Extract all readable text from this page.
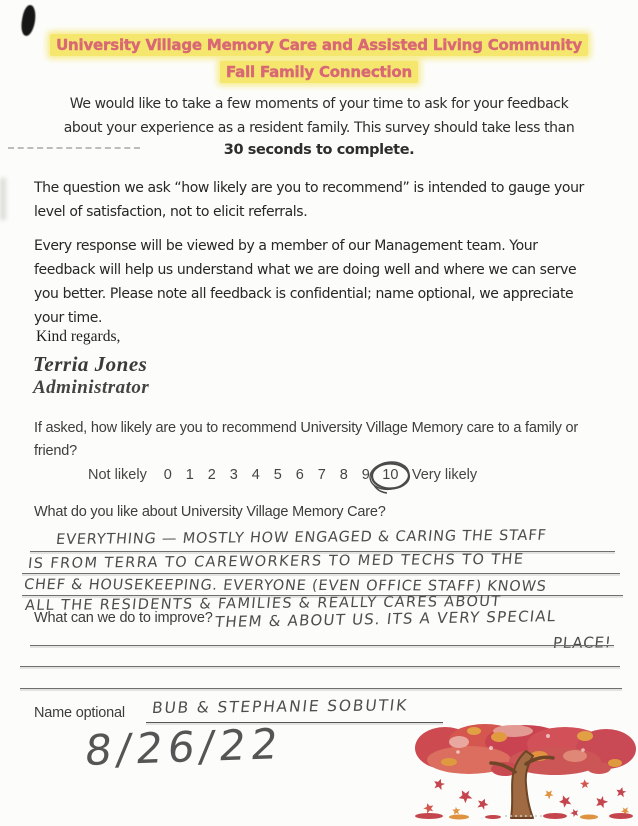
University Village Memory Care and Assisted Living Community
Fall Family Connection
We would like to take a few moments of your time to ask for your feedback
about your experience as a resident family. This survey should take less than
30 seconds to complete.
The question we ask “how likely are you to recommend” is intended to gauge your
level of satisfaction, not to elicit referrals.
Every response will be viewed by a member of our Management team. Your
feedback will help us understand what we are doing well and where we can serve
you better. Please note all feedback is confidential; name optional, we appreciate
your time.
Kind regards,
Terria Jones
Administrator
If asked, how likely are you to recommend University Village Memory care to a family or
friend?
Not likely	0 1 2 3 4 5 6 7 8 9 10 Very likely
What do you like about University Village Memory Care?
EVERYTHING — MOSTLY HOW ENGAGED & CARING THE STAFF
IS FROM TERRA TO CAREWORKERS TO MED TECHS TO THE
CHEF & HOUSEKEEPING. EVERYONE (EVEN OFFICE STAFF) KNOWS
ALL THE RESIDENTS & FAMILIES & REALLY CARES ABOUT
THEM & ABOUT US. ITS A VERY SPECIAL
PLACE!
What can we do to improve?
Name optional BUB & STEPHANIE SOBUTIK
8/26/22
